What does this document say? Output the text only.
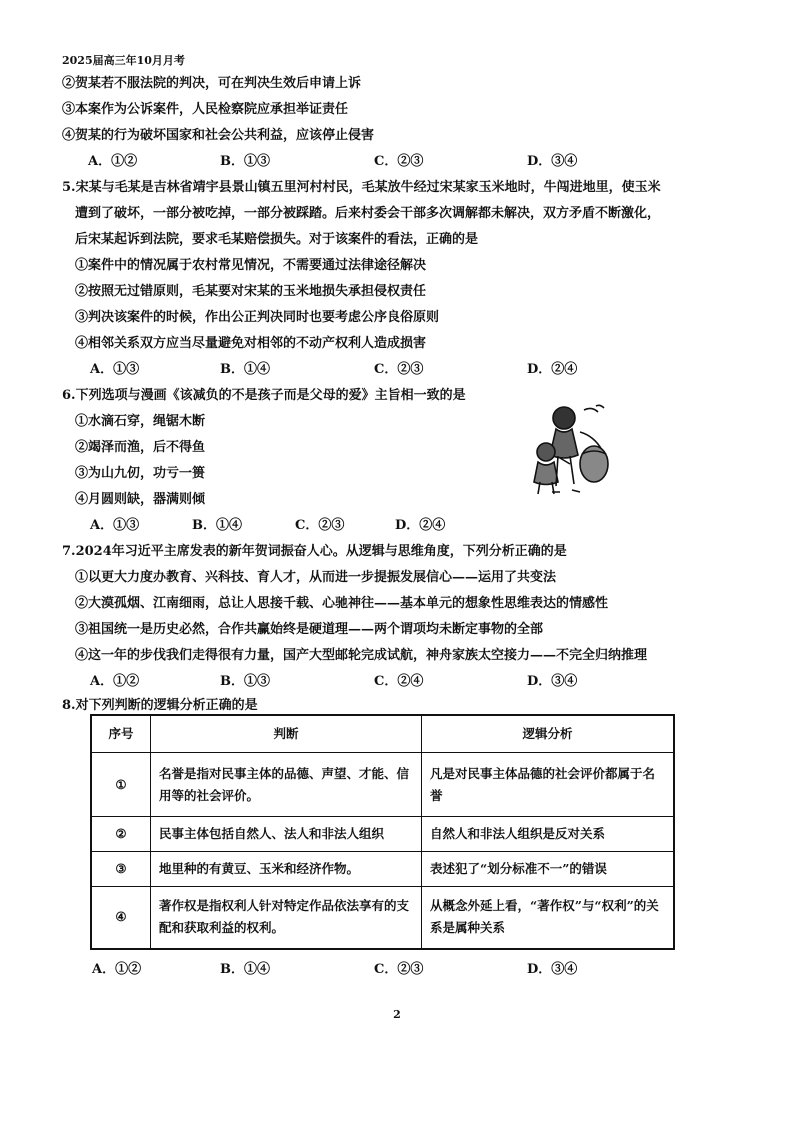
2025届高三年10月月考
②贺某若不服法院的判决，可在判决生效后申请上诉
③本案作为公诉案件，人民检察院应承担举证责任
④贺某的行为破坏国家和社会公共利益，应该停止侵害
A．①②	B．①③	C．②③	D．③④
5.宋某与毛某是吉林省靖宇县景山镇五里河村村民，毛某放牛经过宋某家玉米地时，牛闯进地里，使玉米
遭到了破坏，一部分被吃掉，一部分被踩踏。后来村委会干部多次调解都未解决，双方矛盾不断激化，
后宋某起诉到法院，要求毛某赔偿损失。对于该案件的看法，正确的是
①案件中的情况属于农村常见情况，不需要通过法律途径解决
②按照无过错原则，毛某要对宋某的玉米地损失承担侵权责任
③判决该案件的时候，作出公正判决同时也要考虑公序良俗原则
④相邻关系双方应当尽量避免对相邻的不动产权利人造成损害
A．①③	B．①④	C．②③	D．②④
6.下列选项与漫画《该减负的不是孩子而是父母的爱》主旨相一致的是
①水滴石穿，绳锯木断
②竭泽而渔，后不得鱼
③为山九仞，功亏一篑
④月圆则缺，器满则倾
A．①③	B．①④	C．②③	D．②④
7.2024年习近平主席发表的新年贺词振奋人心。从逻辑与思维角度，下列分析正确的是
①以更大力度办教育、兴科技、育人才，从而进一步提振发展信心——运用了共变法
②大漠孤烟、江南细雨，总让人思接千载、心驰神往——基本单元的想象性思维表达的情感性
③祖国统一是历史必然，合作共赢始终是硬道理——两个谓项均未断定事物的全部
④这一年的步伐我们走得很有力量，国产大型邮轮完成试航，神舟家族太空接力——不完全归纳推理
A．①②	B．①③	C．②④	D．③④
8.对下列判断的逻辑分析正确的是
序号	判断	逻辑分析
①	名誉是指对民事主体的品德、声望、才能、信用等的社会评价。	凡是对民事主体品德的社会评价都属于名誉
②	民事主体包括自然人、法人和非法人组织	自然人和非法人组织是反对关系
③	地里种的有黄豆、玉米和经济作物。	表述犯了“划分标准不一”的错误
④	著作权是指权利人针对特定作品依法享有的支配和获取利益的权利。	从概念外延上看，“著作权”与“权利”的关系是属种关系
A．①②	B．①④	C．②③	D．③④
2
